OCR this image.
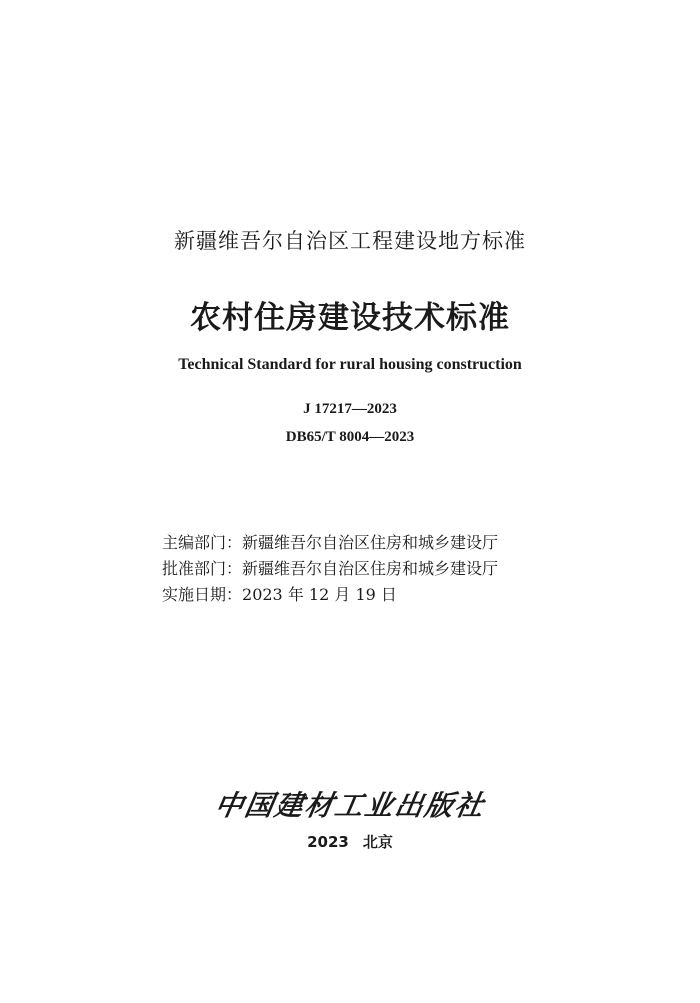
新疆维吾尔自治区工程建设地方标准
农村住房建设技术标准
Technical Standard for rural housing construction
J 17217—2023
DB65/T 8004—2023
主编部门：新疆维吾尔自治区住房和城乡建设厅
批准部门：新疆维吾尔自治区住房和城乡建设厅
实施日期：2023 年 12 月 19 日
中国建材工业出版社
2023 北京
